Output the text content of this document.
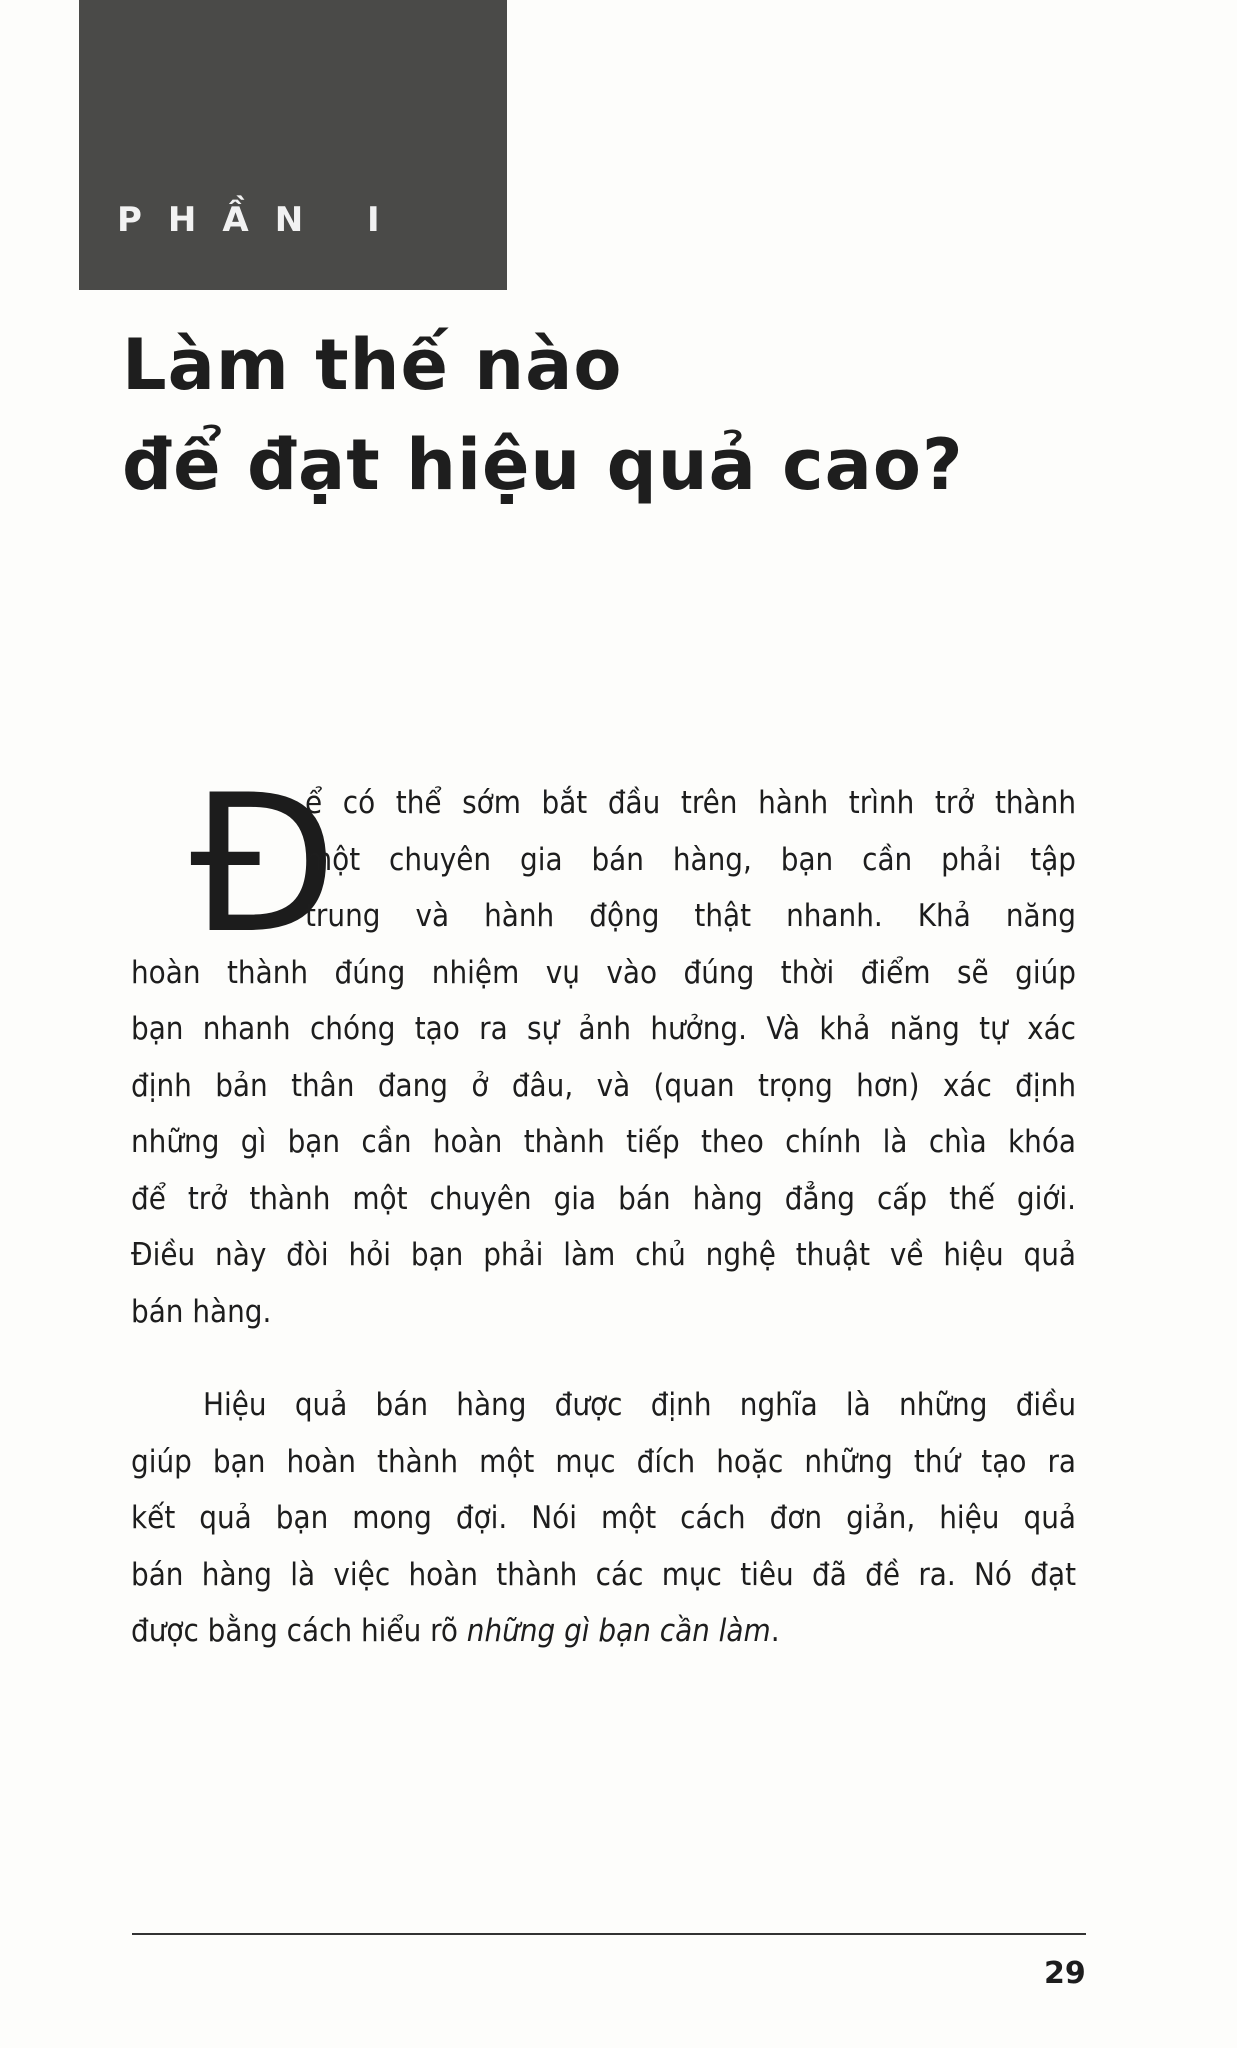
PHẦN I
Làm thế nào
để đạt hiệu quả cao?
Đ
ể có thể sớm bắt đầu trên hành trình trở thành
một chuyên gia bán hàng, bạn cần phải tập
trung và hành động thật nhanh. Khả năng
hoàn thành đúng nhiệm vụ vào đúng thời điểm sẽ giúp
bạn nhanh chóng tạo ra sự ảnh hưởng. Và khả năng tự xác
định bản thân đang ở đâu, và (quan trọng hơn) xác định
những gì bạn cần hoàn thành tiếp theo chính là chìa khóa
để trở thành một chuyên gia bán hàng đẳng cấp thế giới.
Điều này đòi hỏi bạn phải làm chủ nghệ thuật về hiệu quả
bán hàng.
Hiệu quả bán hàng được định nghĩa là những điều
giúp bạn hoàn thành một mục đích hoặc những thứ tạo ra
kết quả bạn mong đợi. Nói một cách đơn giản, hiệu quả
bán hàng là việc hoàn thành các mục tiêu đã đề ra. Nó đạt
được bằng cách hiểu rõ những gì bạn cần làm.
29
